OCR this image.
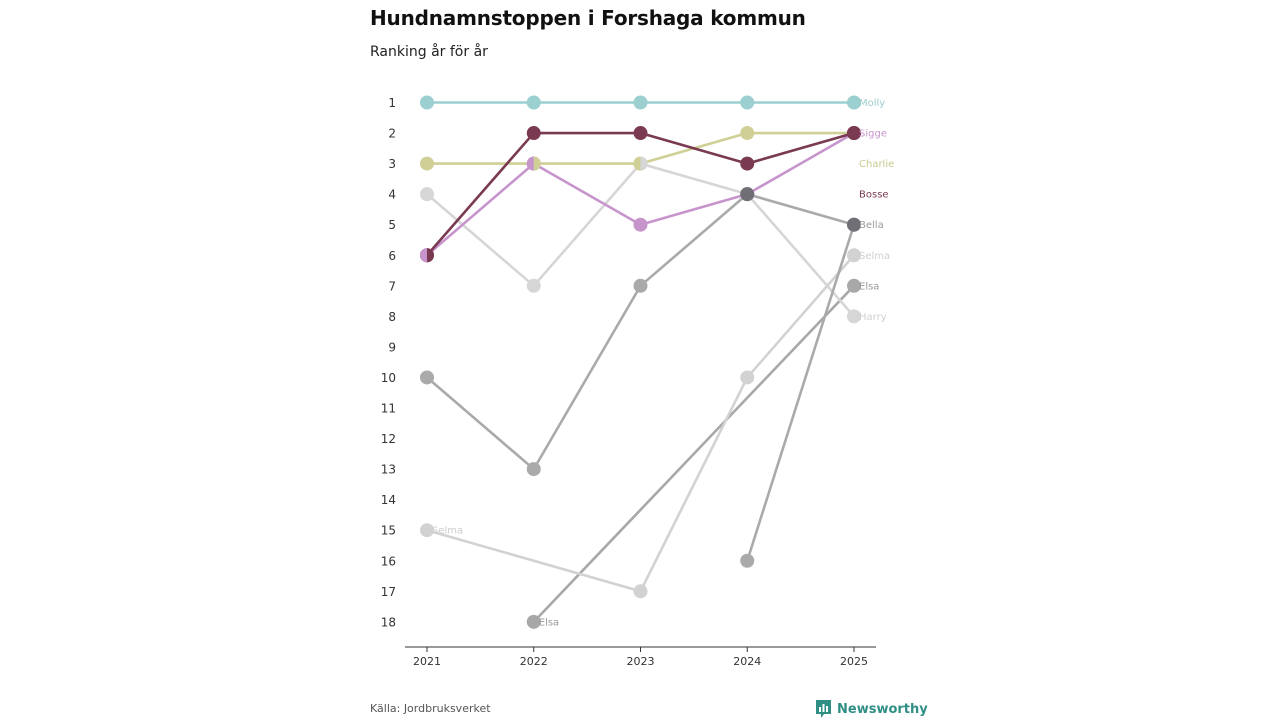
Hundnamnstoppen i Forshaga kommun
Ranking år för år
1
2
3
4
5
6
7
8
9
10
11
12
13
14
15
16
17
18
2021	2022	2023	2024	2025
Molly
Sigge
Charlie
Bosse
Bella
Selma
Elsa
Harry
Selma
Elsa
Källa: Jordbruksverket	Newsworthy
